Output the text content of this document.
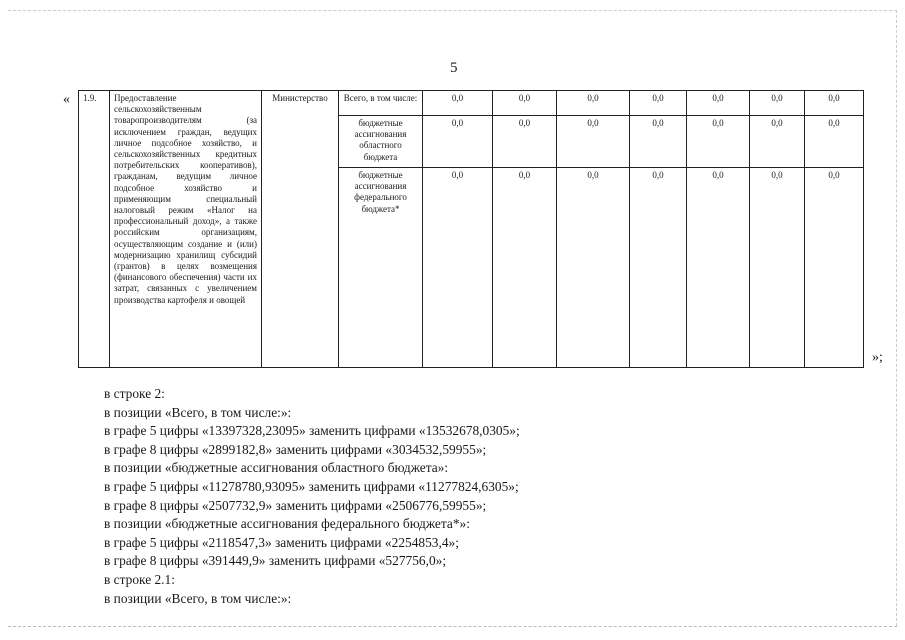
5
« 1.9.	Предоставление сельскохозяйственным товаропроизводителям (за исключением граждан, ведущих личное подсобное хозяйство, и сельскохозяйственных кредитных потребительских кооперативов), гражданам, ведущим личное подсобное хозяйство и применяющим специальный налоговый режим «Налог на профессиональный доход», а также российским организациям, осуществляющим создание и (или) модернизацию хранилищ субсидий (грантов) в целях возмещения (финансового обеспечения) части их затрат, связанных с увеличением производства картофеля и овощей	Министерство	Всего, в том числе:	0,0	0,0	0,0	0,0	0,0	0,0	0,0
			бюджетные ассигнования областного бюджета	0,0	0,0	0,0	0,0	0,0	0,0	0,0
			бюджетные ассигнования федерального бюджета*	0,0	0,0	0,0	0,0	0,0	0,0	0,0
»;
в строке 2:
в позиции «Всего, в том числе:»:
в графе 5 цифры «13397328,23095» заменить цифрами «13532678,0305»;
в графе 8 цифры «2899182,8» заменить цифрами «3034532,59955»;
в позиции «бюджетные ассигнования областного бюджета»:
в графе 5 цифры «11278780,93095» заменить цифрами «11277824,6305»;
в графе 8 цифры «2507732,9» заменить цифрами «2506776,59955»;
в позиции «бюджетные ассигнования федерального бюджета*»:
в графе 5 цифры «2118547,3» заменить цифрами «2254853,4»;
в графе 8 цифры «391449,9» заменить цифрами «527756,0»;
в строке 2.1:
в позиции «Всего, в том числе:»:
